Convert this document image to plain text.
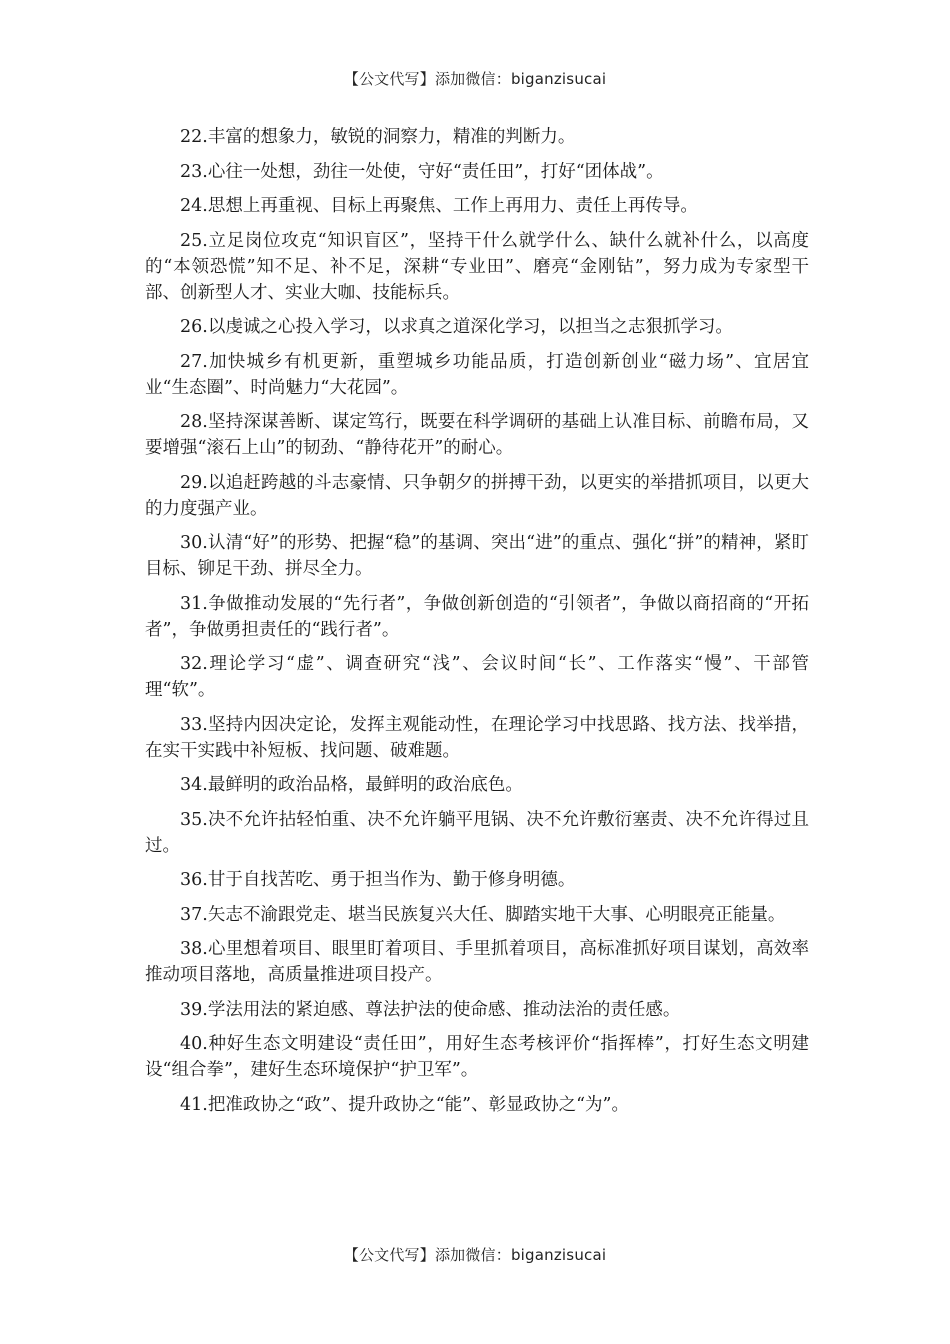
【公文代写】添加微信：biganzisucai

22.丰富的想象力，敏锐的洞察力，精准的判断力。

23.心往一处想，劲往一处使，守好“责任田”，打好“团体战”。

24.思想上再重视、目标上再聚焦、工作上再用力、责任上再传导。

25.立足岗位攻克“知识盲区”，坚持干什么就学什么、缺什么就补什么，以高度的“本领恐慌”知不足、补不足，深耕“专业田”、磨亮“金刚钻”，努力成为专家型干部、创新型人才、实业大咖、技能标兵。

26.以虔诚之心投入学习，以求真之道深化学习，以担当之志狠抓学习。

27.加快城乡有机更新，重塑城乡功能品质，打造创新创业“磁力场”、宜居宜业“生态圈”、时尚魅力“大花园”。

28.坚持深谋善断、谋定笃行，既要在科学调研的基础上认准目标、前瞻布局，又要增强“滚石上山”的韧劲、“静待花开”的耐心。

29.以追赶跨越的斗志豪情、只争朝夕的拼搏干劲，以更实的举措抓项目，以更大的力度强产业。

30.认清“好”的形势、把握“稳”的基调、突出“进”的重点、强化“拼”的精神，紧盯目标、铆足干劲、拼尽全力。

31.争做推动发展的“先行者”，争做创新创造的“引领者”，争做以商招商的“开拓者”，争做勇担责任的“践行者”。

32.理论学习“虚”、调查研究“浅”、会议时间“长”、工作落实“慢”、干部管理“软”。

33.坚持内因决定论，发挥主观能动性，在理论学习中找思路、找方法、找举措，在实干实践中补短板、找问题、破难题。

34.最鲜明的政治品格，最鲜明的政治底色。

35.决不允许拈轻怕重、决不允许躺平甩锅、决不允许敷衍塞责、决不允许得过且过。

36.甘于自找苦吃、勇于担当作为、勤于修身明德。

37.矢志不渝跟党走、堪当民族复兴大任、脚踏实地干大事、心明眼亮正能量。

38.心里想着项目、眼里盯着项目、手里抓着项目，高标准抓好项目谋划，高效率推动项目落地，高质量推进项目投产。

39.学法用法的紧迫感、尊法护法的使命感、推动法治的责任感。

40.种好生态文明建设“责任田”，用好生态考核评价“指挥棒”，打好生态文明建设“组合拳”，建好生态环境保护“护卫军”。

41.把准政协之“政”、提升政协之“能”、彰显政协之“为”。

【公文代写】添加微信：biganzisucai
